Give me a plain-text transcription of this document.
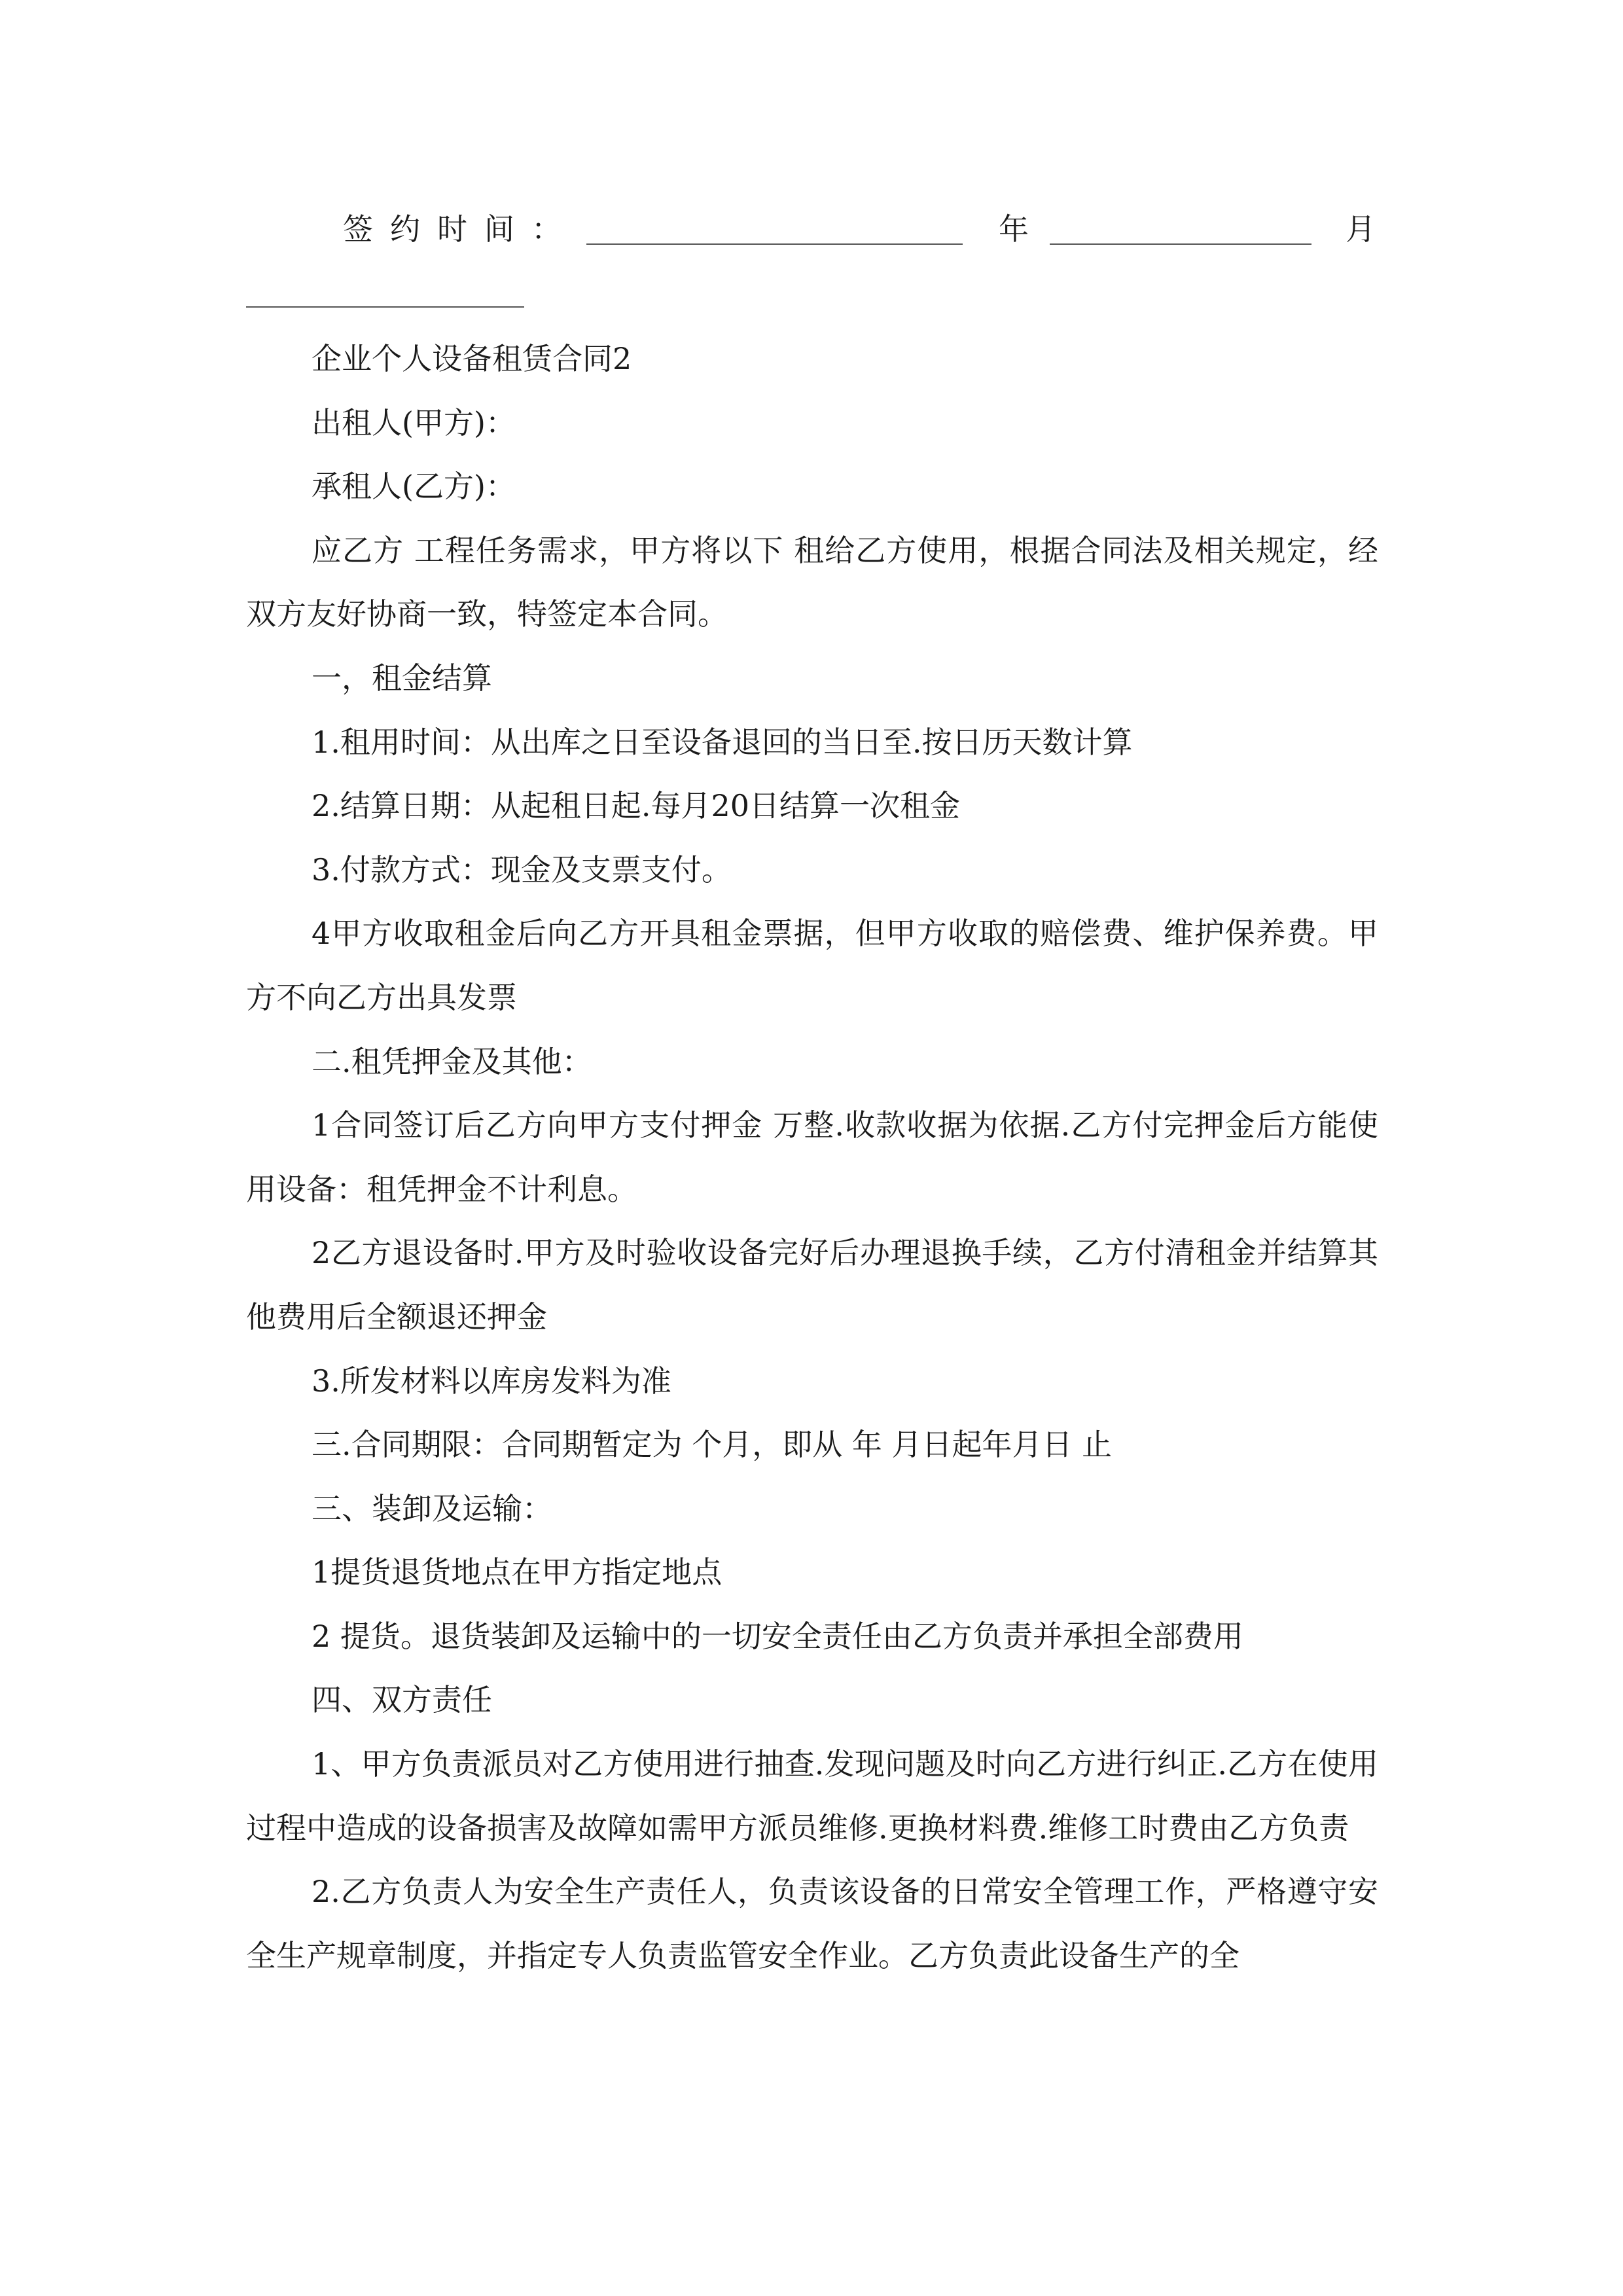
签约时间：	年	月

企业个人设备租赁合同2

出租人(甲方)：

承租人(乙方)：

应乙方 工程任务需求，甲方将以下 租给乙方使用，根据合同法及相关规定，经双方友好协商一致，特签定本合同。

一，租金结算

1.租用时间：从出库之日至设备退回的当日至.按日历天数计算

2.结算日期：从起租日起.每月20日结算一次租金

3.付款方式：现金及支票支付。

4甲方收取租金后向乙方开具租金票据，但甲方收取的赔偿费、维护保养费。甲方不向乙方出具发票

二.租凭押金及其他：

1合同签订后乙方向甲方支付押金 万整.收款收据为依据.乙方付完押金后方能使用设备：租凭押金不计利息。

2乙方退设备时.甲方及时验收设备完好后办理退换手续，乙方付清租金并结算其他费用后全额退还押金

3.所发材料以库房发料为准

三.合同期限：合同期暂定为 个月，即从 年 月日起年月日 止

三、装卸及运输：

1提货退货地点在甲方指定地点

2 提货。退货装卸及运输中的一切安全责任由乙方负责并承担全部费用

四、双方责任

1、甲方负责派员对乙方使用进行抽查.发现问题及时向乙方进行纠正.乙方在使用过程中造成的设备损害及故障如需甲方派员维修.更换材料费.维修工时费由乙方负责

2.乙方负责人为安全生产责任人，负责该设备的日常安全管理工作，严格遵守安全生产规章制度，并指定专人负责监管安全作业。乙方负责此设备生产的全
